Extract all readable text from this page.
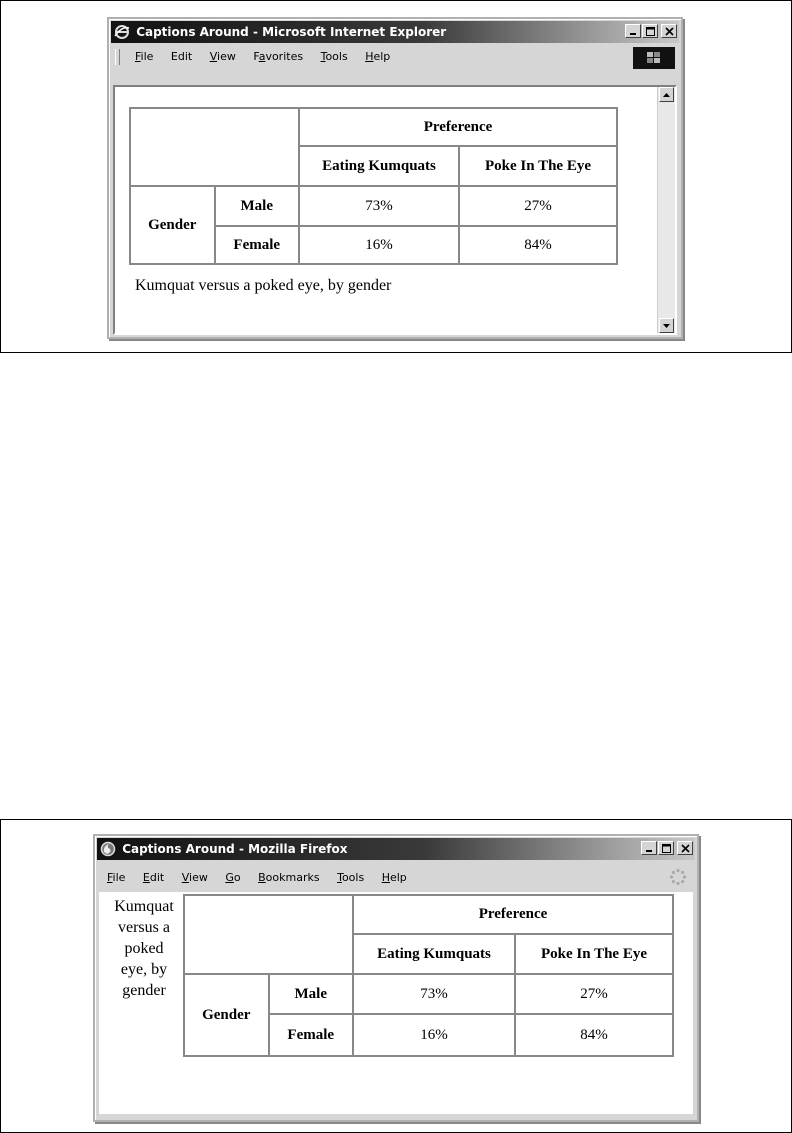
Captions Around - Microsoft Internet Explorer
File Edit View Favorites Tools Help
		Preference	
		Eating Kumquats	Poke In The Eye
Gender	Male	73%	27%
	Female	16%	84%
Kumquat versus a poked eye, by gender
Captions Around - Mozilla Firefox
File Edit View Go Bookmarks Tools Help
Kumquat
versus a
poked
eye, by
gender
		Preference	
		Eating Kumquats	Poke In The Eye
Gender	Male	73%	27%
	Female	16%	84%
